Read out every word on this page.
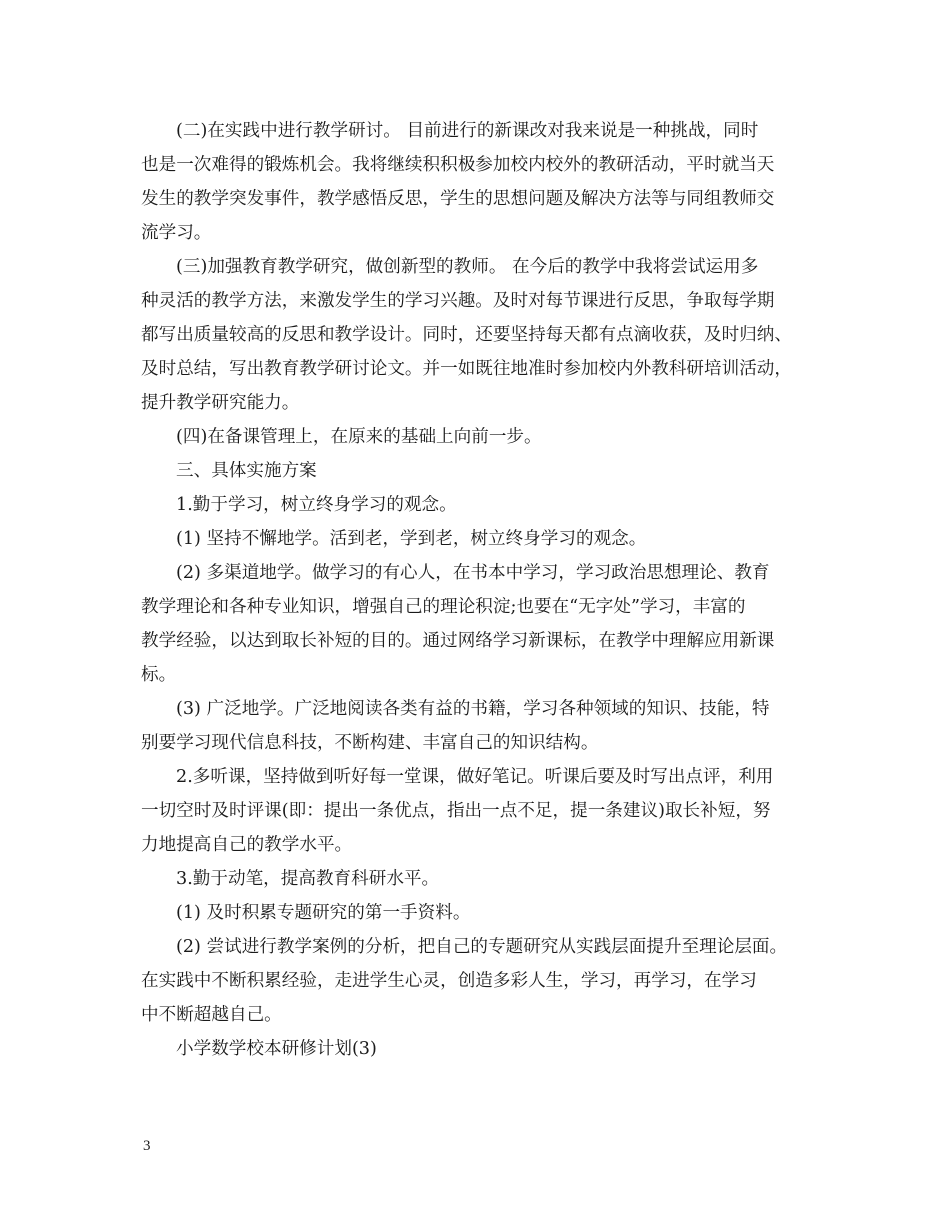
(二)在实践中进行教学研讨。 目前进行的新课改对我来说是一种挑战，同时
也是一次难得的锻炼机会。我将继续积积极参加校内校外的教研活动，平时就当天
发生的教学突发事件，教学感悟反思，学生的思想问题及解决方法等与同组教师交
流学习。
(三)加强教育教学研究，做创新型的教师。 在今后的教学中我将尝试运用多
种灵活的教学方法，来激发学生的学习兴趣。及时对每节课进行反思，争取每学期
都写出质量较高的反思和教学设计。同时，还要坚持每天都有点滴收获，及时归纳、
及时总结，写出教育教学研讨论文。并一如既往地准时参加校内外教科研培训活动，
提升教学研究能力。
(四)在备课管理上，在原来的基础上向前一步。
三、具体实施方案
1.勤于学习，树立终身学习的观念。
(1) 坚持不懈地学。活到老，学到老，树立终身学习的观念。
(2) 多渠道地学。做学习的有心人，在书本中学习，学习政治思想理论、教育
教学理论和各种专业知识，增强自己的理论积淀;也要在“无字处”学习，丰富的
教学经验，以达到取长补短的目的。通过网络学习新课标，在教学中理解应用新课
标。
(3) 广泛地学。广泛地阅读各类有益的书籍，学习各种领域的知识、技能，特
别要学习现代信息科技，不断构建、丰富自己的知识结构。
2.多听课，坚持做到听好每一堂课，做好笔记。听课后要及时写出点评，利用
一切空时及时评课(即：提出一条优点，指出一点不足，提一条建议)取长补短，努
力地提高自己的教学水平。
3.勤于动笔，提高教育科研水平。
(1) 及时积累专题研究的第一手资料。
(2) 尝试进行教学案例的分析，把自己的专题研究从实践层面提升至理论层面。
在实践中不断积累经验，走进学生心灵，创造多彩人生，学习，再学习，在学习
中不断超越自己。
小学数学校本研修计划(3)
3
